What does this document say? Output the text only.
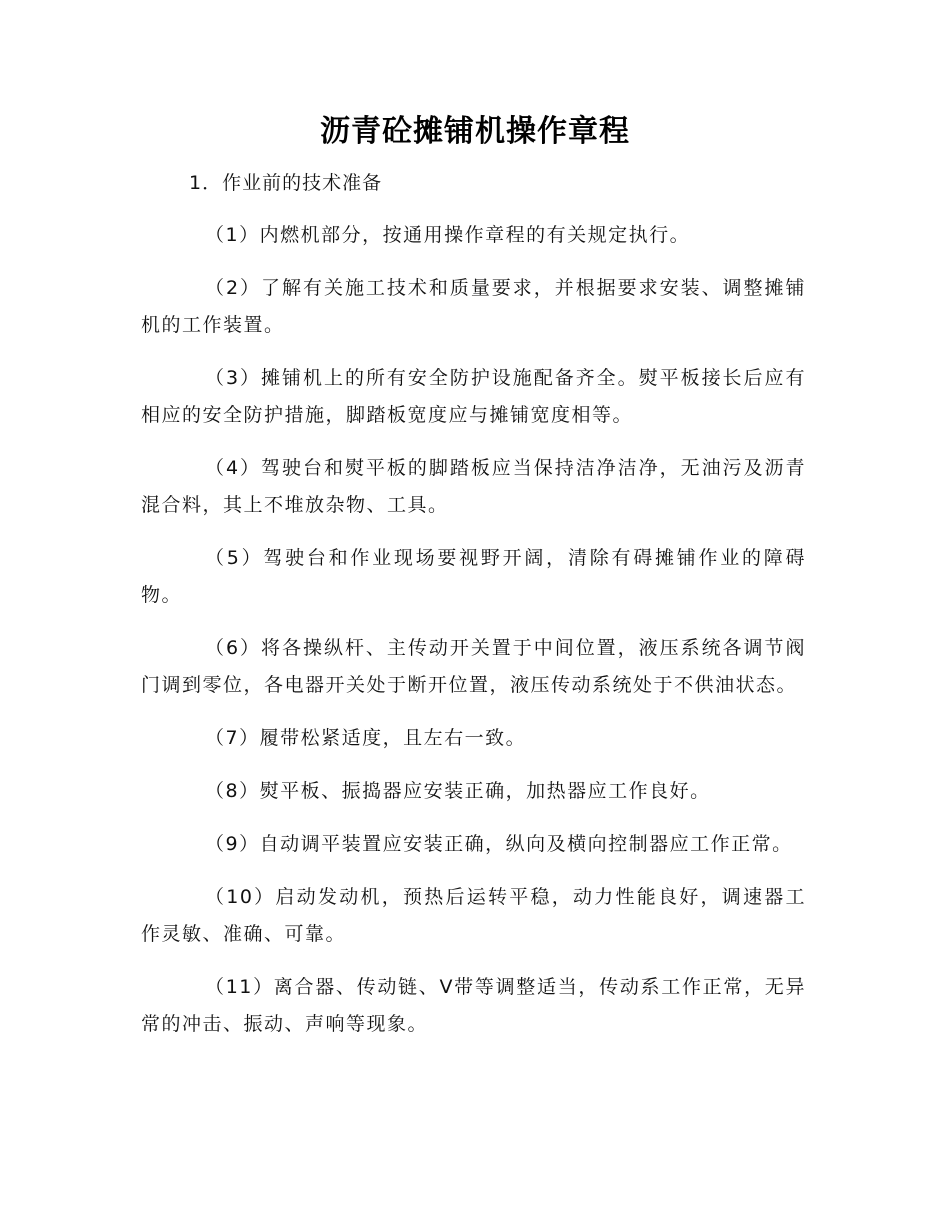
沥青砼摊铺机操作章程

1．作业前的技术准备

（1）内燃机部分，按通用操作章程的有关规定执行。

（2）了解有关施工技术和质量要求，并根据要求安装、调整摊铺机的工作装置。

（3）摊铺机上的所有安全防护设施配备齐全。熨平板接长后应有相应的安全防护措施，脚踏板宽度应与摊铺宽度相等。

（4）驾驶台和熨平板的脚踏板应当保持洁净洁净，无油污及沥青混合料，其上不堆放杂物、工具。

（5）驾驶台和作业现场要视野开阔，清除有碍摊铺作业的障碍物。

（6）将各操纵杆、主传动开关置于中间位置，液压系统各调节阀门调到零位，各电器开关处于断开位置，液压传动系统处于不供油状态。

（7）履带松紧适度，且左右一致。

（8）熨平板、振捣器应安装正确，加热器应工作良好。

（9）自动调平装置应安装正确，纵向及横向控制器应工作正常。

（10）启动发动机，预热后运转平稳，动力性能良好，调速器工作灵敏、准确、可靠。

（11）离合器、传动链、V带等调整适当，传动系工作正常，无异常的冲击、振动、声响等现象。
